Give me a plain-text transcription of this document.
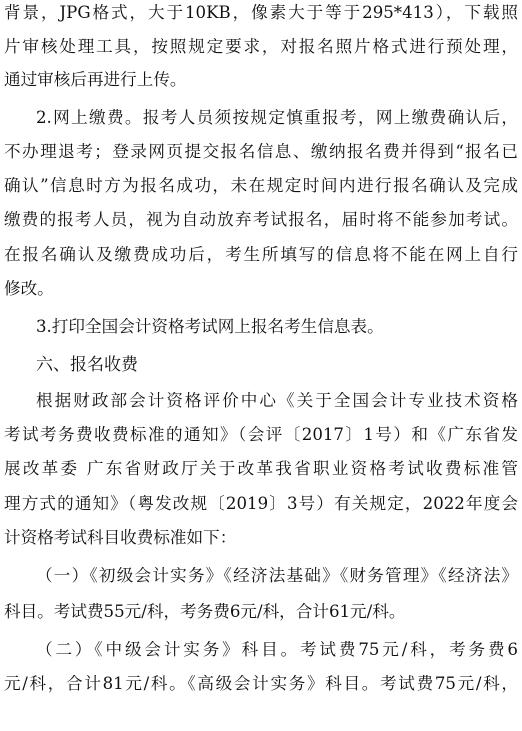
背景，JPG格式，大于10KB，像素大于等于295*413），下载照
片审核处理工具，按照规定要求，对报名照片格式进行预处理，
通过审核后再进行上传。
2.网上缴费。报考人员须按规定慎重报考，网上缴费确认后，
不办理退考；登录网页提交报名信息、缴纳报名费并得到“报名已
确认”信息时方为报名成功，未在规定时间内进行报名确认及完成
缴费的报考人员，视为自动放弃考试报名，届时将不能参加考试。
在报名确认及缴费成功后，考生所填写的信息将不能在网上自行
修改。
3.打印全国会计资格考试网上报名考生信息表。
六、报名收费
根据财政部会计资格评价中心《关于全国会计专业技术资格
考试考务费收费标准的通知》（会评〔2017〕1号）和《广东省发
展改革委 广东省财政厅关于改革我省职业资格考试收费标准管
理方式的通知》（粤发改规〔2019〕3号）有关规定，2022年度会
计资格考试科目收费标准如下：
（一）《初级会计实务》《经济法基础》《财务管理》《经济法》
科目。考试费55元/科，考务费6元/科，合计61元/科。
（二）《中级会计实务》科目。考试费75元/科，考务费6
元/科，合计81元/科。《高级会计实务》科目。考试费75元/科，
